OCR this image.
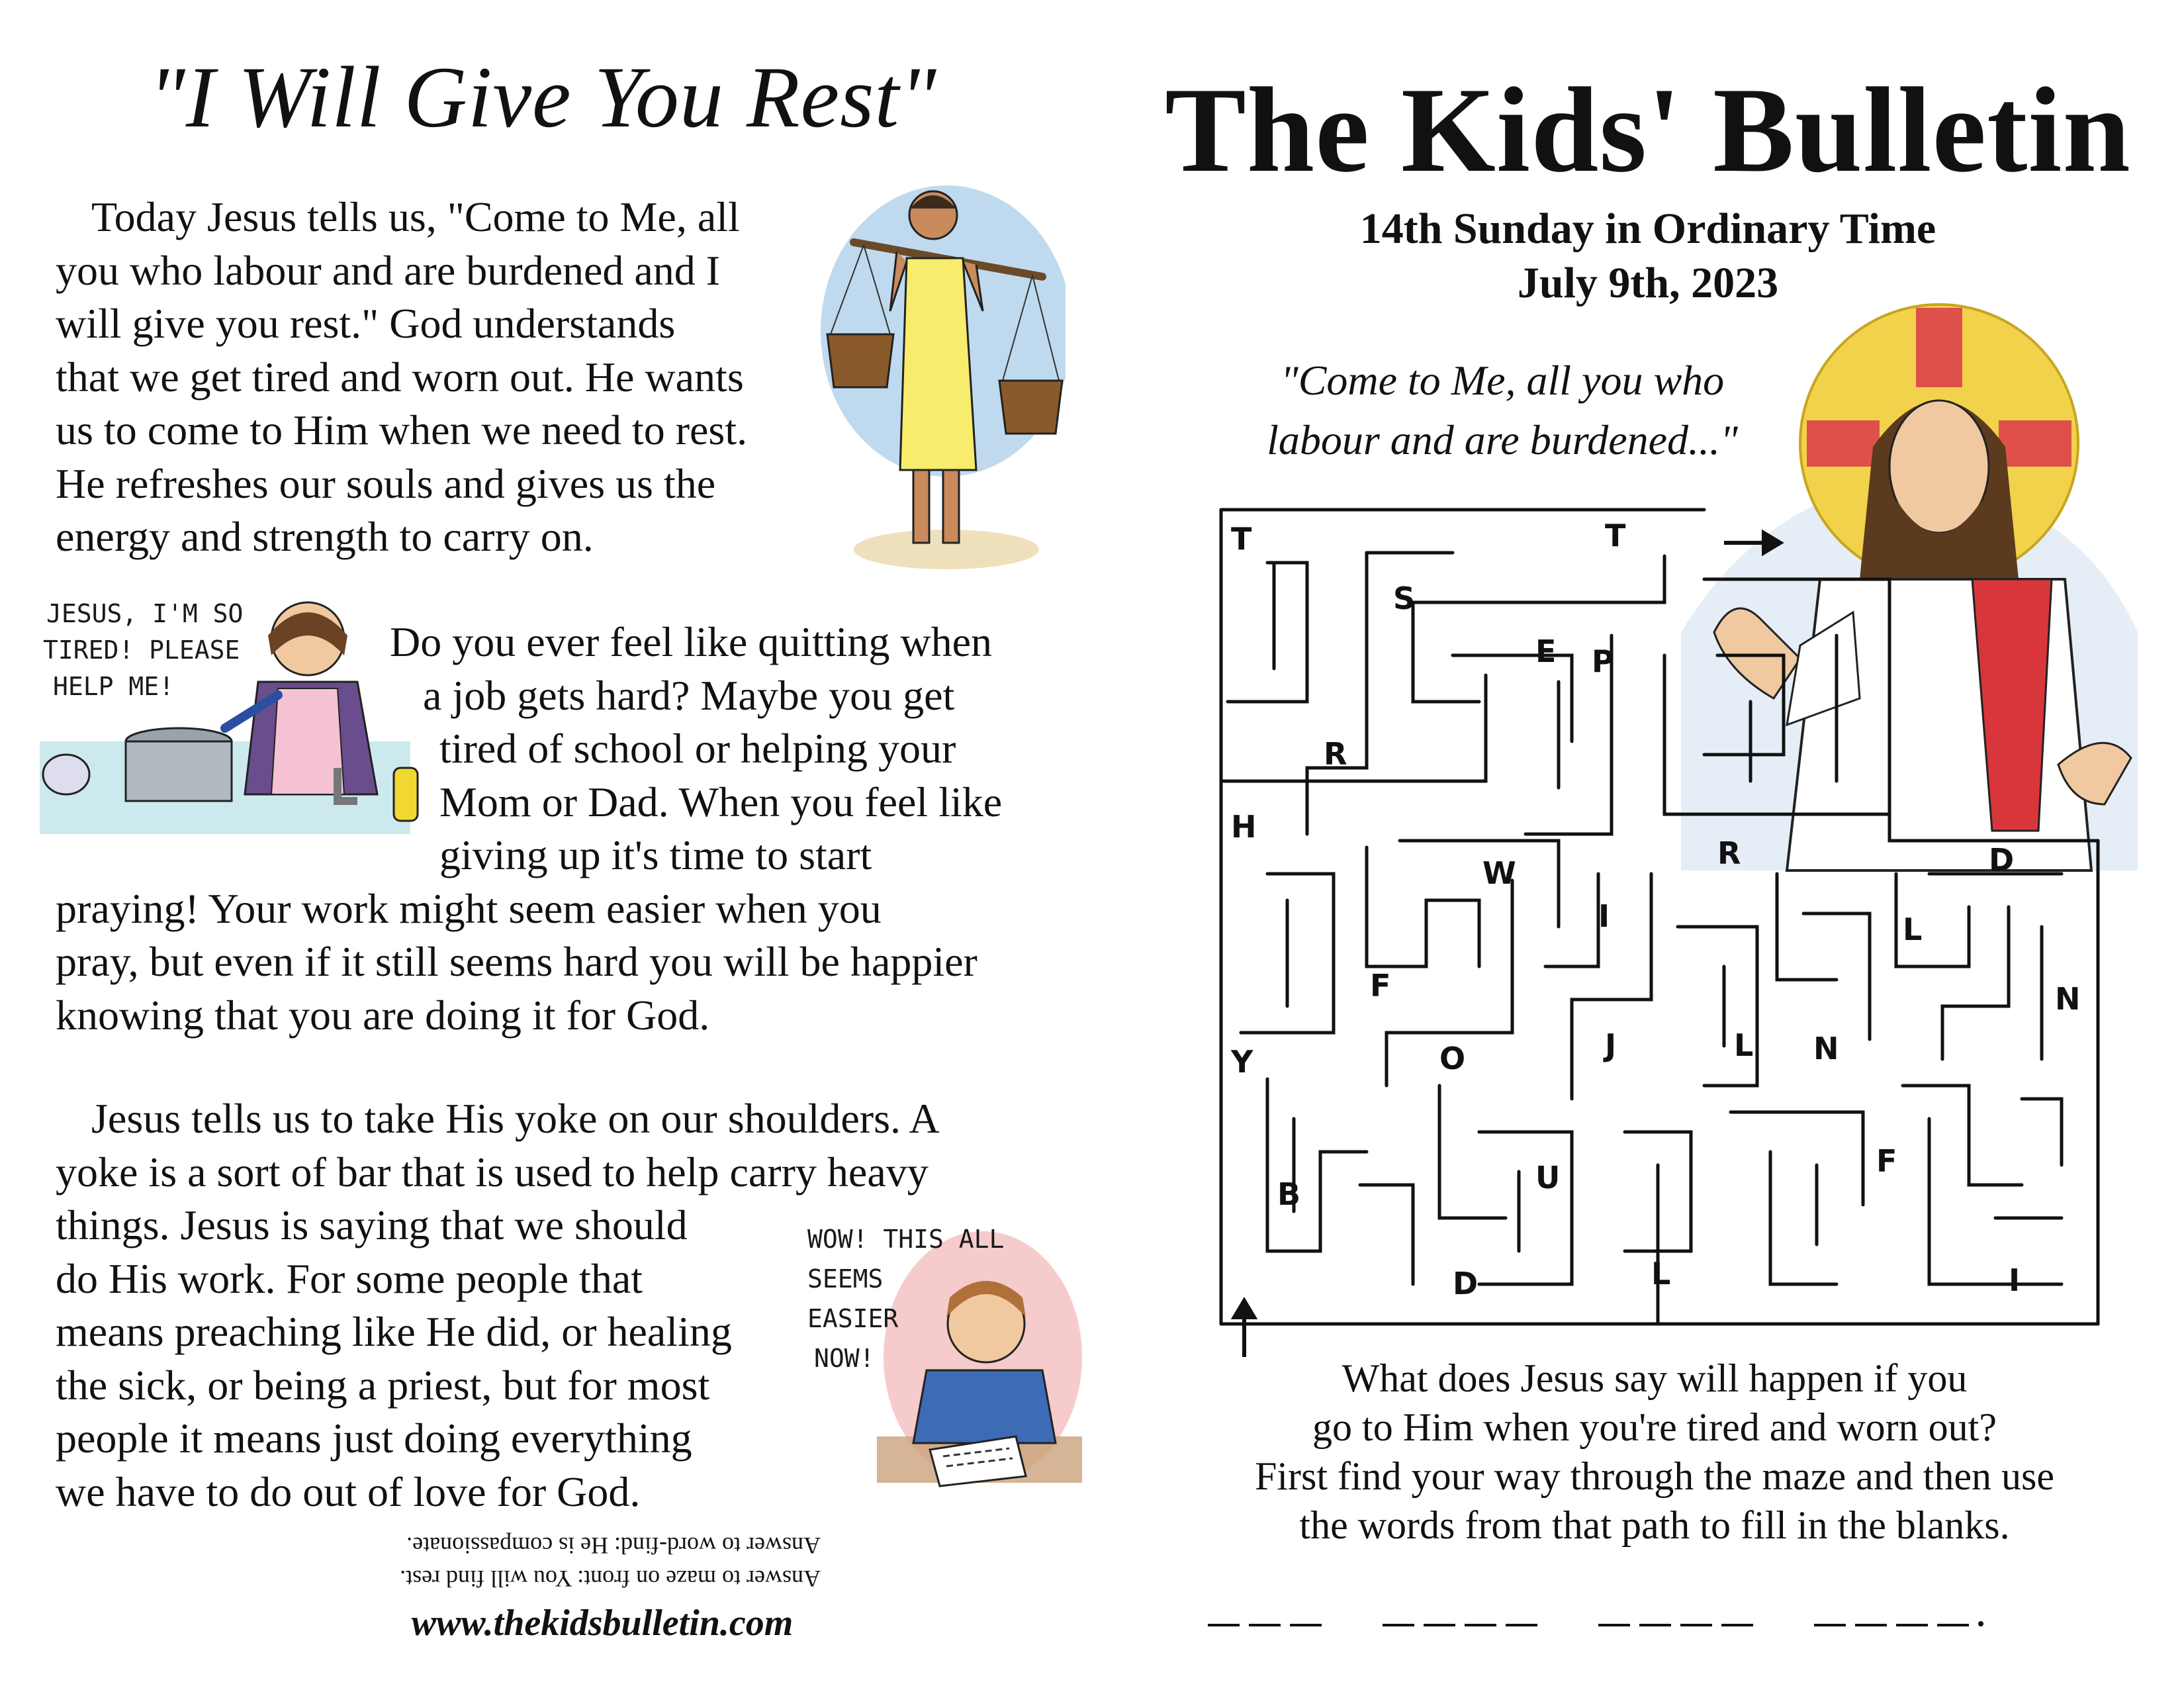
"I Will Give You Rest"
Today Jesus tells us, "Come to Me, all
you who labour and are burdened and I
will give you rest." God understands
that we get tired and worn out. He wants
us to come to Him when we need to rest.
He refreshes our souls and gives us the
energy and strength to carry on.
Do you ever feel like quitting when
a job gets hard? Maybe you get
tired of school or helping your
Mom or Dad. When you feel like
giving up it's time to start
praying! Your work might seem easier when you
pray, but even if it still seems hard you will be happier
knowing that you are doing it for God.
Jesus tells us to take His yoke on our shoulders. A
yoke is a sort of bar that is used to help carry heavy
things. Jesus is saying that we should
do His work. For some people that
means preaching like He did, or healing
the sick, or being a priest, but for most
people it means just doing everything
we have to do out of love for God.
JESUS, I'M SO
TIRED! PLEASE
HELP ME!
WOW! THIS ALL
SEEMS
EASIER
NOW!
Answer to maze on front: You will find rest.
Answer to word-find: He is compassionate.
www.thekidsbulletin.com
The Kids' Bulletin
14th Sunday in Ordinary Time
July 9th, 2023
"Come to Me, all you who
labour and are burdened..."
T	T
S
E P
R
H
W
I
R	D
L
F	N
Y	O	J	L N
U	F
B
D	L	I
What does Jesus say will happen if you
go to Him when you're tired and worn out?
First find your way through the maze and then use
the words from that path to fill in the blanks.
